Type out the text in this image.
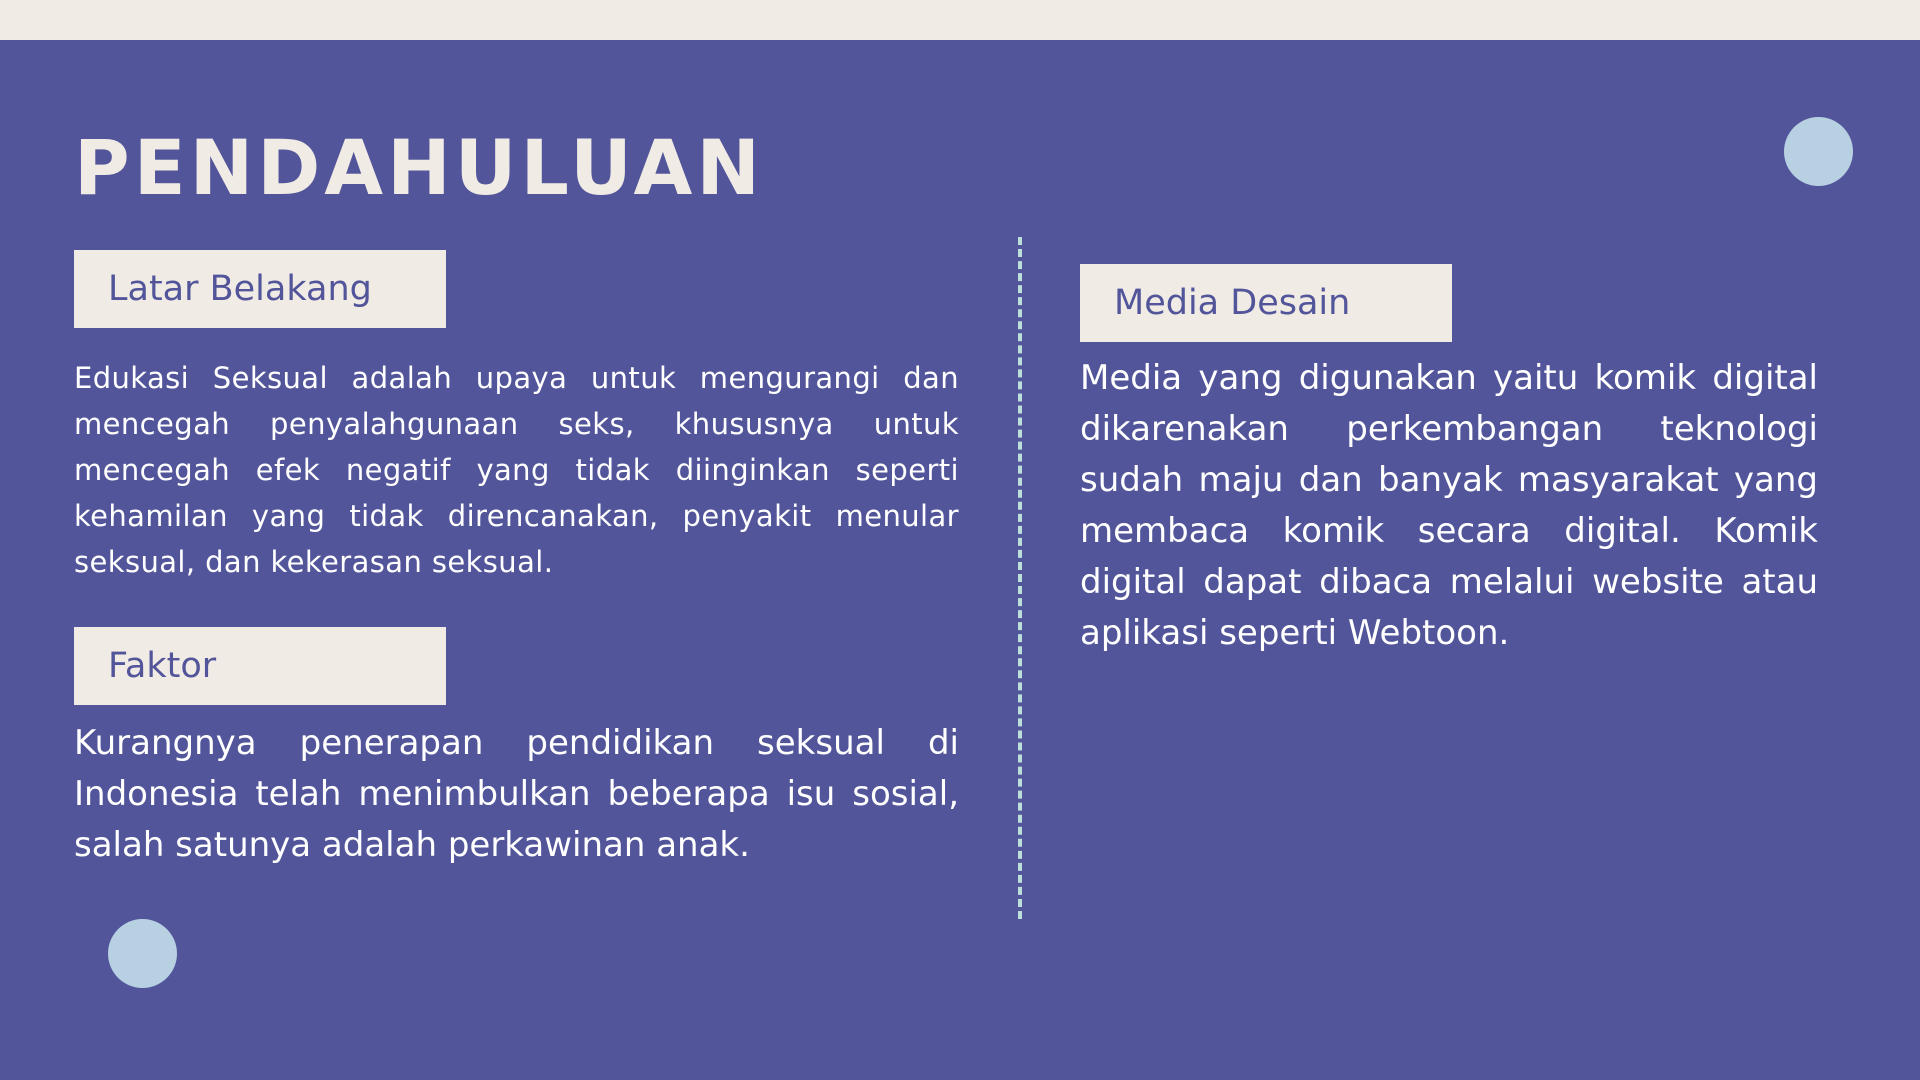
PENDAHULUAN
Latar Belakang

Edukasi Seksual adalah upaya untuk mengurangi dan mencegah penyalahgunaan seks, khususnya untuk mencegah efek negatif yang tidak diinginkan seperti kehamilan yang tidak direncanakan, penyakit menular seksual, dan kekerasan seksual.

Faktor

Kurangnya penerapan pendidikan seksual di Indonesia telah menimbulkan beberapa isu sosial, salah satunya adalah perkawinan anak.

Media Desain

Media yang digunakan yaitu komik digital dikarenakan perkembangan teknologi sudah maju dan banyak masyarakat yang membaca komik secara digital. Komik digital dapat dibaca melalui website atau aplikasi seperti Webtoon.
